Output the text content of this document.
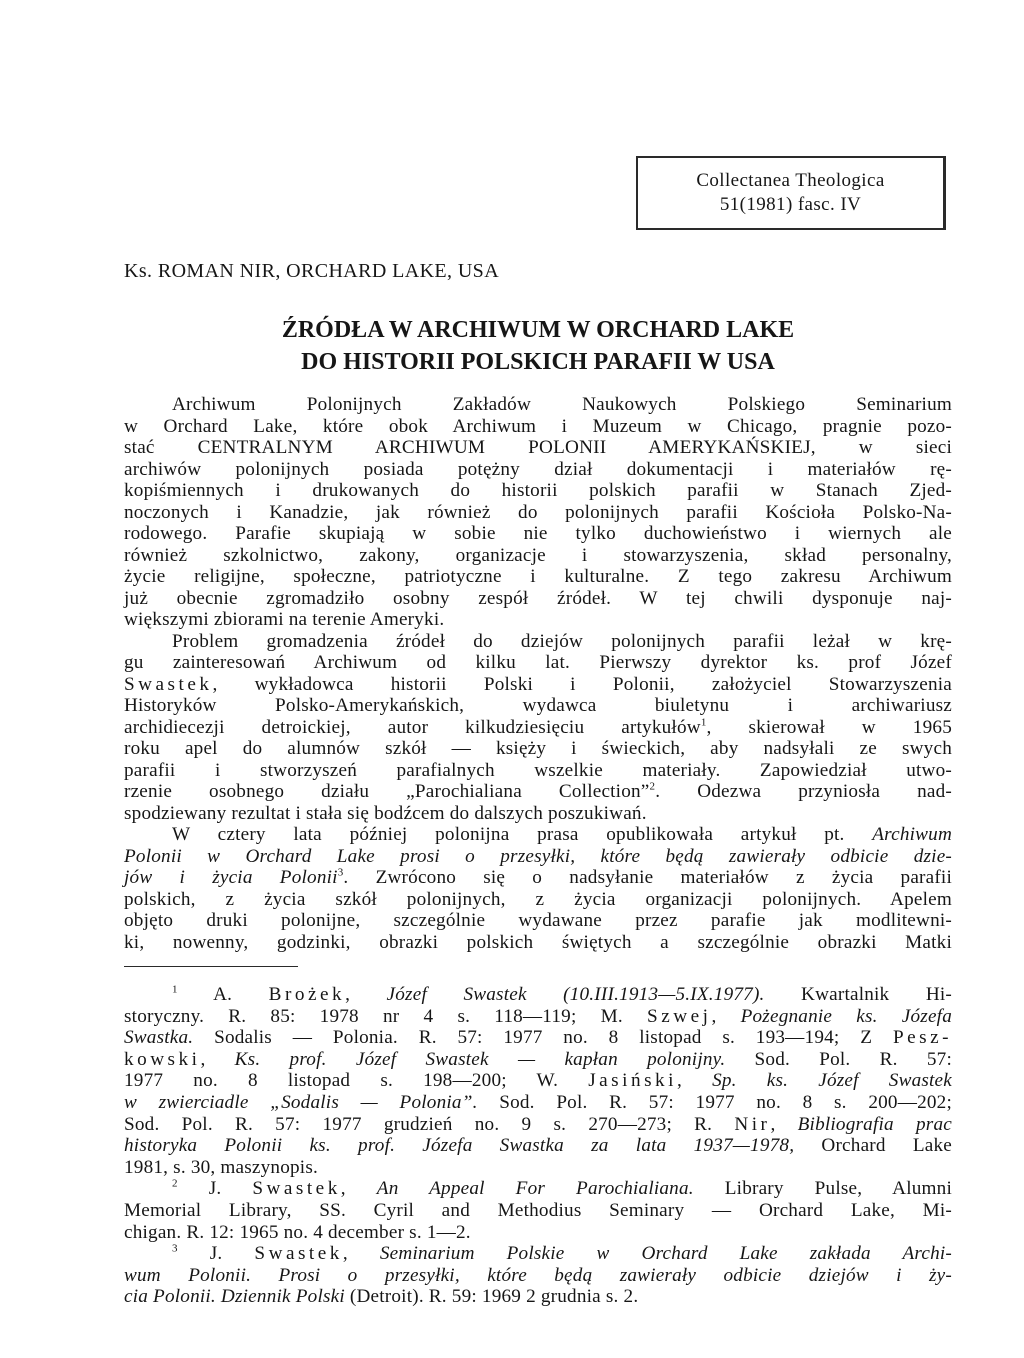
Collectanea Theologica
51(1981) fasc. IV
Ks. ROMAN NIR, ORCHARD LAKE, USA
ŹRÓDŁA W ARCHIWUM W ORCHARD LAKE
DO HISTORII POLSKICH PARAFII W USA
Archiwum Polonijnych Zakładów Naukowych Polskiego Seminarium
w Orchard Lake, które obok Archiwum i Muzeum w Chicago, pragnie pozo-
stać CENTRALNYM ARCHIWUM POLONII AMERYKAŃSKIEJ, w sieci
archiwów polonijnych posiada potężny dział dokumentacji i materiałów rę-
kopiśmiennych i drukowanych do historii polskich parafii w Stanach Zjed-
noczonych i Kanadzie, jak również do polonijnych parafii Kościoła Polsko-Na-
rodowego. Parafie skupiają w sobie nie tylko duchowieństwo i wiernych ale
również szkolnictwo, zakony, organizacje i stowarzyszenia, skład personalny,
życie religijne, społeczne, patriotyczne i kulturalne. Z tego zakresu Archiwum
już obecnie zgromadziło osobny zespół źródeł. W tej chwili dysponuje naj-
większymi zbiorami na terenie Ameryki.
Problem gromadzenia źródeł do dziejów polonijnych parafii leżał w krę-
gu zainteresowań Archiwum od kilku lat. Pierwszy dyrektor ks. prof Józef
Swastek, wykładowca historii Polski i Polonii, założyciel Stowarzyszenia
Historyków Polsko-Amerykańskich, wydawca biuletynu i archiwariusz
archidiecezji detroickiej, autor kilkudziesięciu artykułów$^1$, skierował w 1965
roku apel do alumnów szkół — księży i świeckich, aby nadsyłali ze swych
parafii i stworzyszeń parafialnych wszelkie materiały. Zapowiedział utwo-
rzenie osobnego działu „Parochialiana Collection”$^2$. Odezwa przyniosła nad-
spodziewany rezultat i stała się bodźcem do dalszych poszukiwań.
W cztery lata później polonijna prasa opublikowała artykuł pt. Archiwum
Polonii w Orchard Lake prosi o przesyłki, które będą zawierały odbicie dzie-
jów i życia Polonii$^3$. Zwrócono się o nadsyłanie materiałów z życia parafii
polskich, z życia szkół polonijnych, z życia organizacji polonijnych. Apelem
objęto druki polonijne, szczególnie wydawane przez parafie jak modlitewni-
ki, nowenny, godzinki, obrazki polskich świętych a szczególnie obrazki Matki
$^1$ A. Brożek, Józef Swastek (10.III.1913—5.IX.1977). Kwartalnik Hi-
storyczny. R. 85: 1978 nr 4 s. 118—119; M. Szwej, Pożegnanie ks. Józefa
Swastka. Sodalis — Polonia. R. 57: 1977 no. 8 listopad s. 193—194; Z Pesz-
kowski, Ks. prof. Józef Swastek — kapłan polonijny. Sod. Pol. R. 57:
1977 no. 8 listopad s. 198—200; W. Jasiński, Sp. ks. Józef Swastek
w zwierciadle „Sodalis — Polonia”. Sod. Pol. R. 57: 1977 no. 8 s. 200—202;
Sod. Pol. R. 57: 1977 grudzień no. 9 s. 270—273; R. Nir, Bibliografia prac
historyka Polonii ks. prof. Józefa Swastka za lata 1937—1978, Orchard Lake
1981, s. 30, maszynopis.
$^2$ J. Swastek, An Appeal For Parochialiana. Library Pulse, Alumni
Memorial Library, SS. Cyril and Methodius Seminary — Orchard Lake, Mi-
chigan. R. 12: 1965 no. 4 december s. 1—2.
$^3$ J. Swastek, Seminarium Polskie w Orchard Lake zakłada Archi-
wum Polonii. Prosi o przesyłki, które będą zawierały odbicie dziejów i ży-
cia Polonii. Dziennik Polski (Detroit). R. 59: 1969 2 grudnia s. 2.
